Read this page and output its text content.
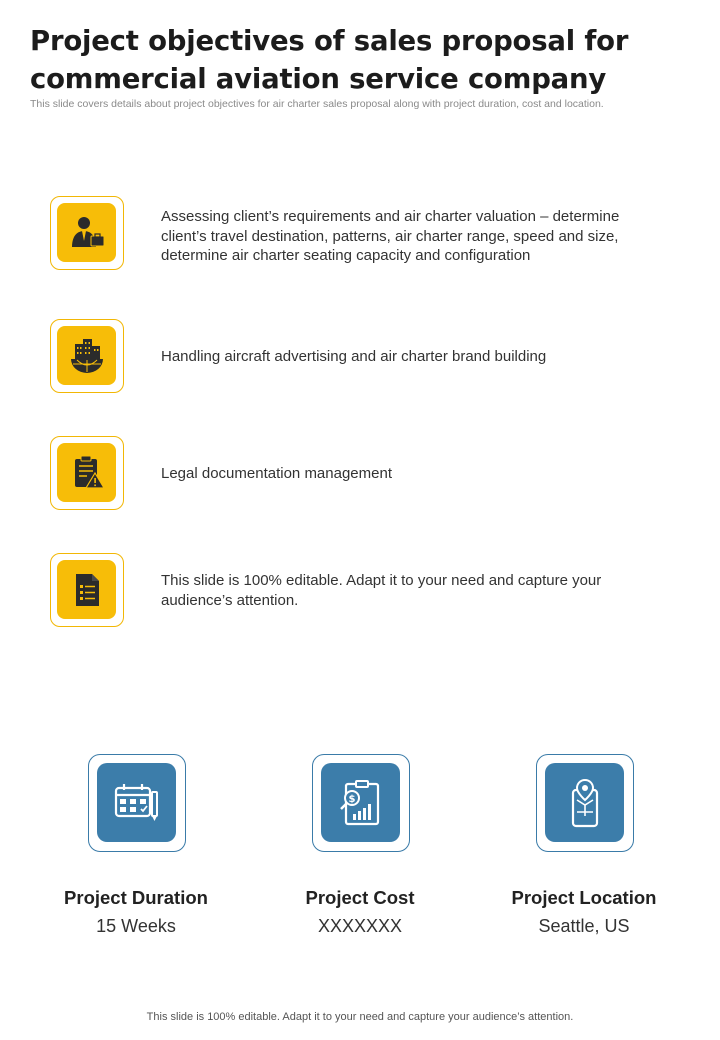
Project objectives of sales proposal for commercial aviation service company
This slide covers details about project objectives for air charter sales proposal along with project duration, cost and location.
Assessing client’s requirements and air charter valuation – determine client’s travel destination, patterns, air charter range, speed and size, determine air charter seating capacity and configuration
Handling aircraft advertising and air charter brand building
Legal documentation management
This slide is 100% editable. Adapt it to your need and capture your audience’s attention.
Project Duration
15 Weeks
$
Project Cost
XXXXXXX
Project Location
Seattle, US
This slide is 100% editable. Adapt it to your need and capture your audience’s attention.
